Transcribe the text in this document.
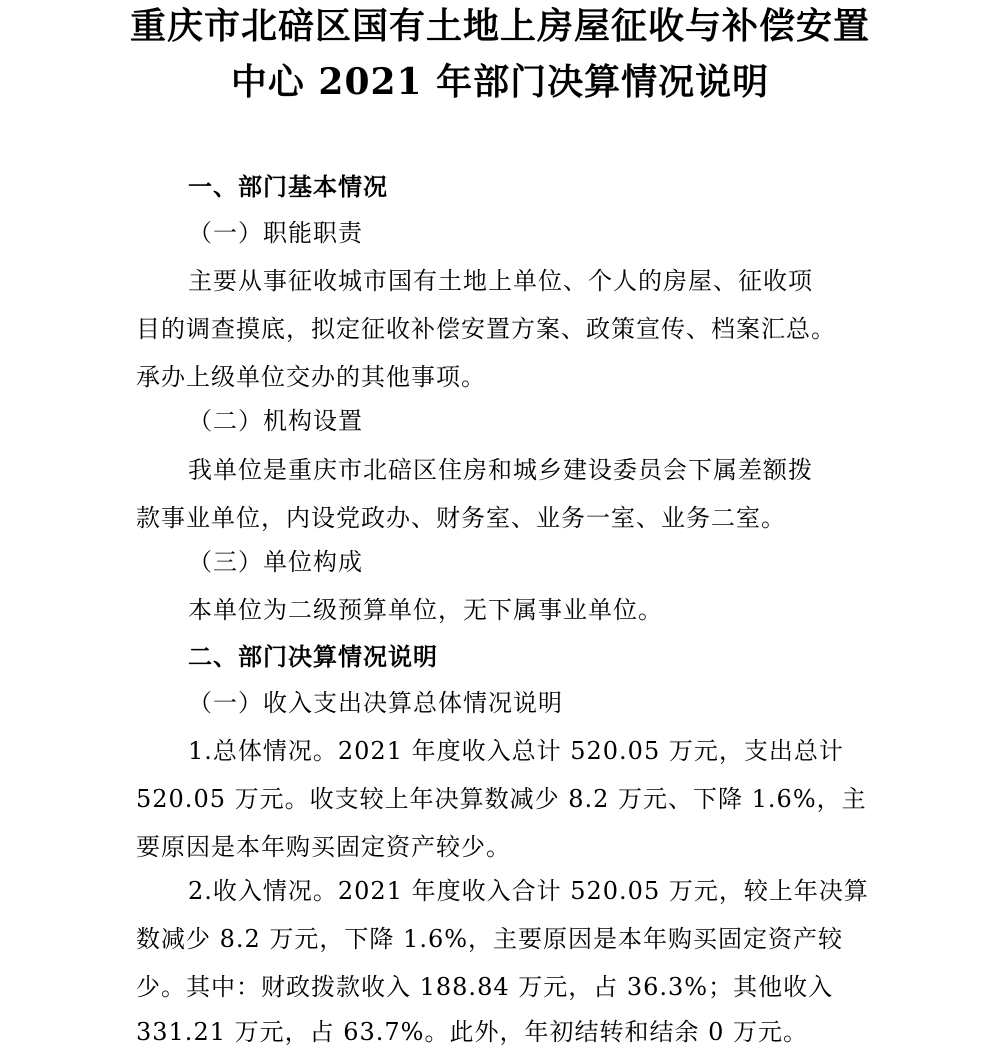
重庆市北碚区国有土地上房屋征收与补偿安置
中心 2021 年部门决算情况说明
一、部门基本情况
（一）职能职责
主要从事征收城市国有土地上单位、个人的房屋、征收项
目的调查摸底，拟定征收补偿安置方案、政策宣传、档案汇总。
承办上级单位交办的其他事项。
（二）机构设置
我单位是重庆市北碚区住房和城乡建设委员会下属差额拨
款事业单位，内设党政办、财务室、业务一室、业务二室。
（三）单位构成
本单位为二级预算单位，无下属事业单位。
二、部门决算情况说明
（一）收入支出决算总体情况说明
1.总体情况。2021 年度收入总计 520.05 万元，支出总计
520.05 万元。收支较上年决算数减少 8.2 万元、下降 1.6%，主
要原因是本年购买固定资产较少。
2.收入情况。2021 年度收入合计 520.05 万元，较上年决算
数减少 8.2 万元，下降 1.6%，主要原因是本年购买固定资产较
少。其中：财政拨款收入 188.84 万元，占 36.3%；其他收入
331.21 万元，占 63.7%。此外，年初结转和结余 0 万元。
